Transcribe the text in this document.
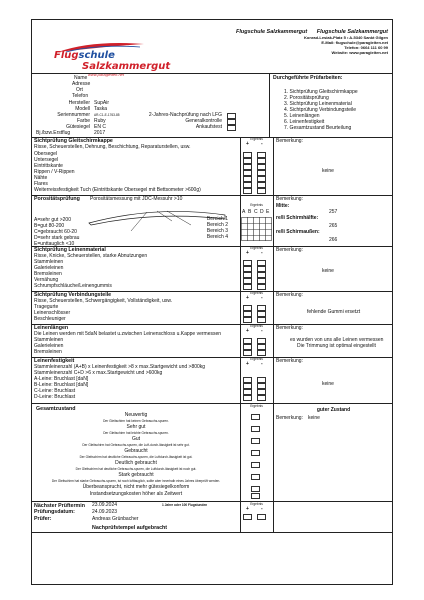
Flugschule
Salzkammergut
www.paragleiten.net
Flugschule Salzkammergut Flugschule Salzkammergut
Konrad-Lesiak-Platz 5 • A-5340 Sankt Gilgen
E-Mail: flugschule@paragleiten.net
Telefon: 0664 111 60 99
Website: www.paragleiten.net
Name
Adresse
Ort
Telefon
Hersteller SupAir
Modell Taska
Seriennummer AR-C1-E-1763-85
Farbe Ruby
Gütesiegel EN C
Bj./bzw.Erstflug	2017
2-Jahres-Nachprüfung nach LFG
Generalkontrolle
Ankaufstest
Durchgeführte Prüfarbeiten:
1. Sichtprüfung Gleitschirmkappe
2. Porositätsprüfung
3. Sichtprüfung Leinenmaterial
4. Sichtprüfung Verbindungsteile
5. Leinenlängen
6. Leinenfestigkeit
7. Gesamtzustand Beurteilung
Sichtprüfung Gleitschirmkappe
Risse, Scheuerstellen, Dehnung, Beschichtung, Reparaturstellen, usw.
Ergebnis
+ -	Bemerkung:
keine
Obersegel
Untersegel
Eintrittskante
Rippen / V-Rippen
Nähte
Flares
Weiterreissfestigkeit Tuch (Eintrittskante Obersegel mit Bettsometer >600g)
Porositätsprüfung Porositätsmessung mit JDC-Messuhr >10
A=sehr gut >200
B=gut 80-200
C=gebraucht 60-20
D=sehr stark gebrau
E=unttauglich <10
Ergebnis
A B C D E
Bereich 1
Bereich 2
Bereich 3
Bereich 4
Bemerkung:
Mitte:
257
re/li Schirmhälfte:
265
re/li Schirmaußen:
266
Sichtprüfung Leinenmaterial
Risse, Knicke, Scheuerstellen, starke Abnutzungen
Ergebnis
+ -	Bemerkung:
keine
Stammleinen
Galerieleinen
Bremsleinen
Vernähung
Schrumpfschläuche/Leinengummis
Sichtprüfung Verbindungsteile
Risse, Scheuerstellen, Schwergängigkeit, Vollständigkeit, usw.
Ergebnis
+ -	Bemerkung:
fehlende Gummi ersetzt
Tragegurte
Leinenschlösser
Beschleuniger
Leinenlängen
Die Leinen werden mit 5daN belastet u.zwischen Leinenschloss u.Kappe vermessen
Ergebnis
+ -	Bemerkung:
es wurden von uns alle Leinen vermessen
Die Trimmung ist optimal eingestellt
Stammleinen
Galerieleinen
Bremsleinen
Leinenfestigkeit
Stammleinenzahl (A+B) x Leinenfestigkeit >8 x max.Startgewicht und >800kg
Stammleinenzahl C+D >6 x max.Startgewicht und >600kg
Ergebnis
+ -	Bemerkung:
keine
A-Leine: Bruchlast [daN]
B-Leine: Bruchlast [daN]
C-Leine: Bruchlast
D-Leine: Bruchlast
Gesamtzustand	Ergebnis
guter Zustand
Bemerkung: keine
Neuwertig
Der Gleitschirm hat keinen Gebrauchs-spuren.
Sehr gut
Der Gleitschirm hat leichte Gebrauchs-spuren.
Gut
Der Gleitschirm hat Gebrauchs-spuren, die Luft-durch-lässigkeit ist sehr gut.
Gebraucht
Der Gleitschirm hat deutliche Gebrauchs-spuren, die Luftdurch-lässigkeit ist gut.
Deutlich gebraucht
Der Gleitschirm hat deutliche Gebrauchs-spuren, die Luftdurch-lässigkeit ist noch gut.
Stark gebraucht
Der Gleitschirm hat starke Gebrauchs-spuren, ist noch lufttauglich, sollte aber innerhalb eines Jahres überprüft werden.
Überbeansprucht, nicht mehr gütesiegelkonform
Instandsetzungskosten höher als Zeitwert
Nächster Prüftermin 23.09.2024	1 Jahre oder 100 Flugstunden
Prüfungsdatum:	24.09.2023
Prüfer:	Andreas Grünbacher
Nachprüfstempel aufgebracht
Ergebnis
+ -
